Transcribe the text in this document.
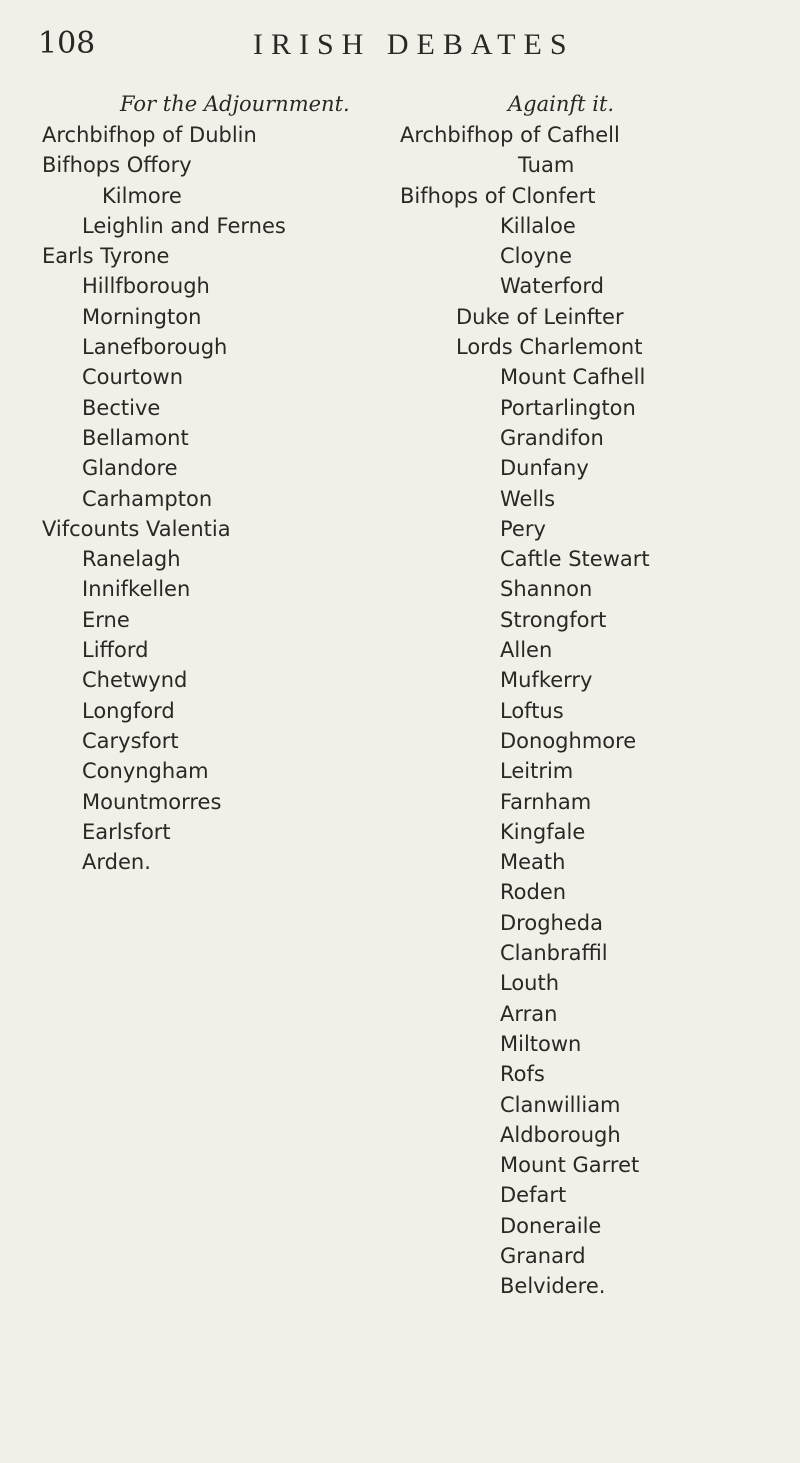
108	IRISH DEBATES
For the Adjournment.
Archbifhop of Dublin
Bifhops Offory
Kilmore
Leighlin and Fernes
Earls Tyrone
Hillfborough
Mornington
Lanefborough
Courtown
Bective
Bellamont
Glandore
Carhampton
Vifcounts Valentia
Ranelagh
Innifkellen
Erne
Lifford
Chetwynd
Longford
Carysfort
Conyngham
Mountmorres
Earlsfort
Arden.
Againft it.
Archbifhop of Cafhell
Tuam
Bifhops of Clonfert
Killaloe
Cloyne
Waterford
Duke of Leinfter
Lords Charlemont
Mount Cafhell
Portarlington
Grandifon
Dunfany
Wells
Pery
Caftle Stewart
Shannon
Strongfort
Allen
Mufkerry
Loftus
Donoghmore
Leitrim
Farnham
Kingfale
Meath
Roden
Drogheda
Clanbraffil
Louth
Arran
Miltown
Rofs
Clanwilliam
Aldborough
Mount Garret
Defart
Doneraile
Granard
Belvidere.
